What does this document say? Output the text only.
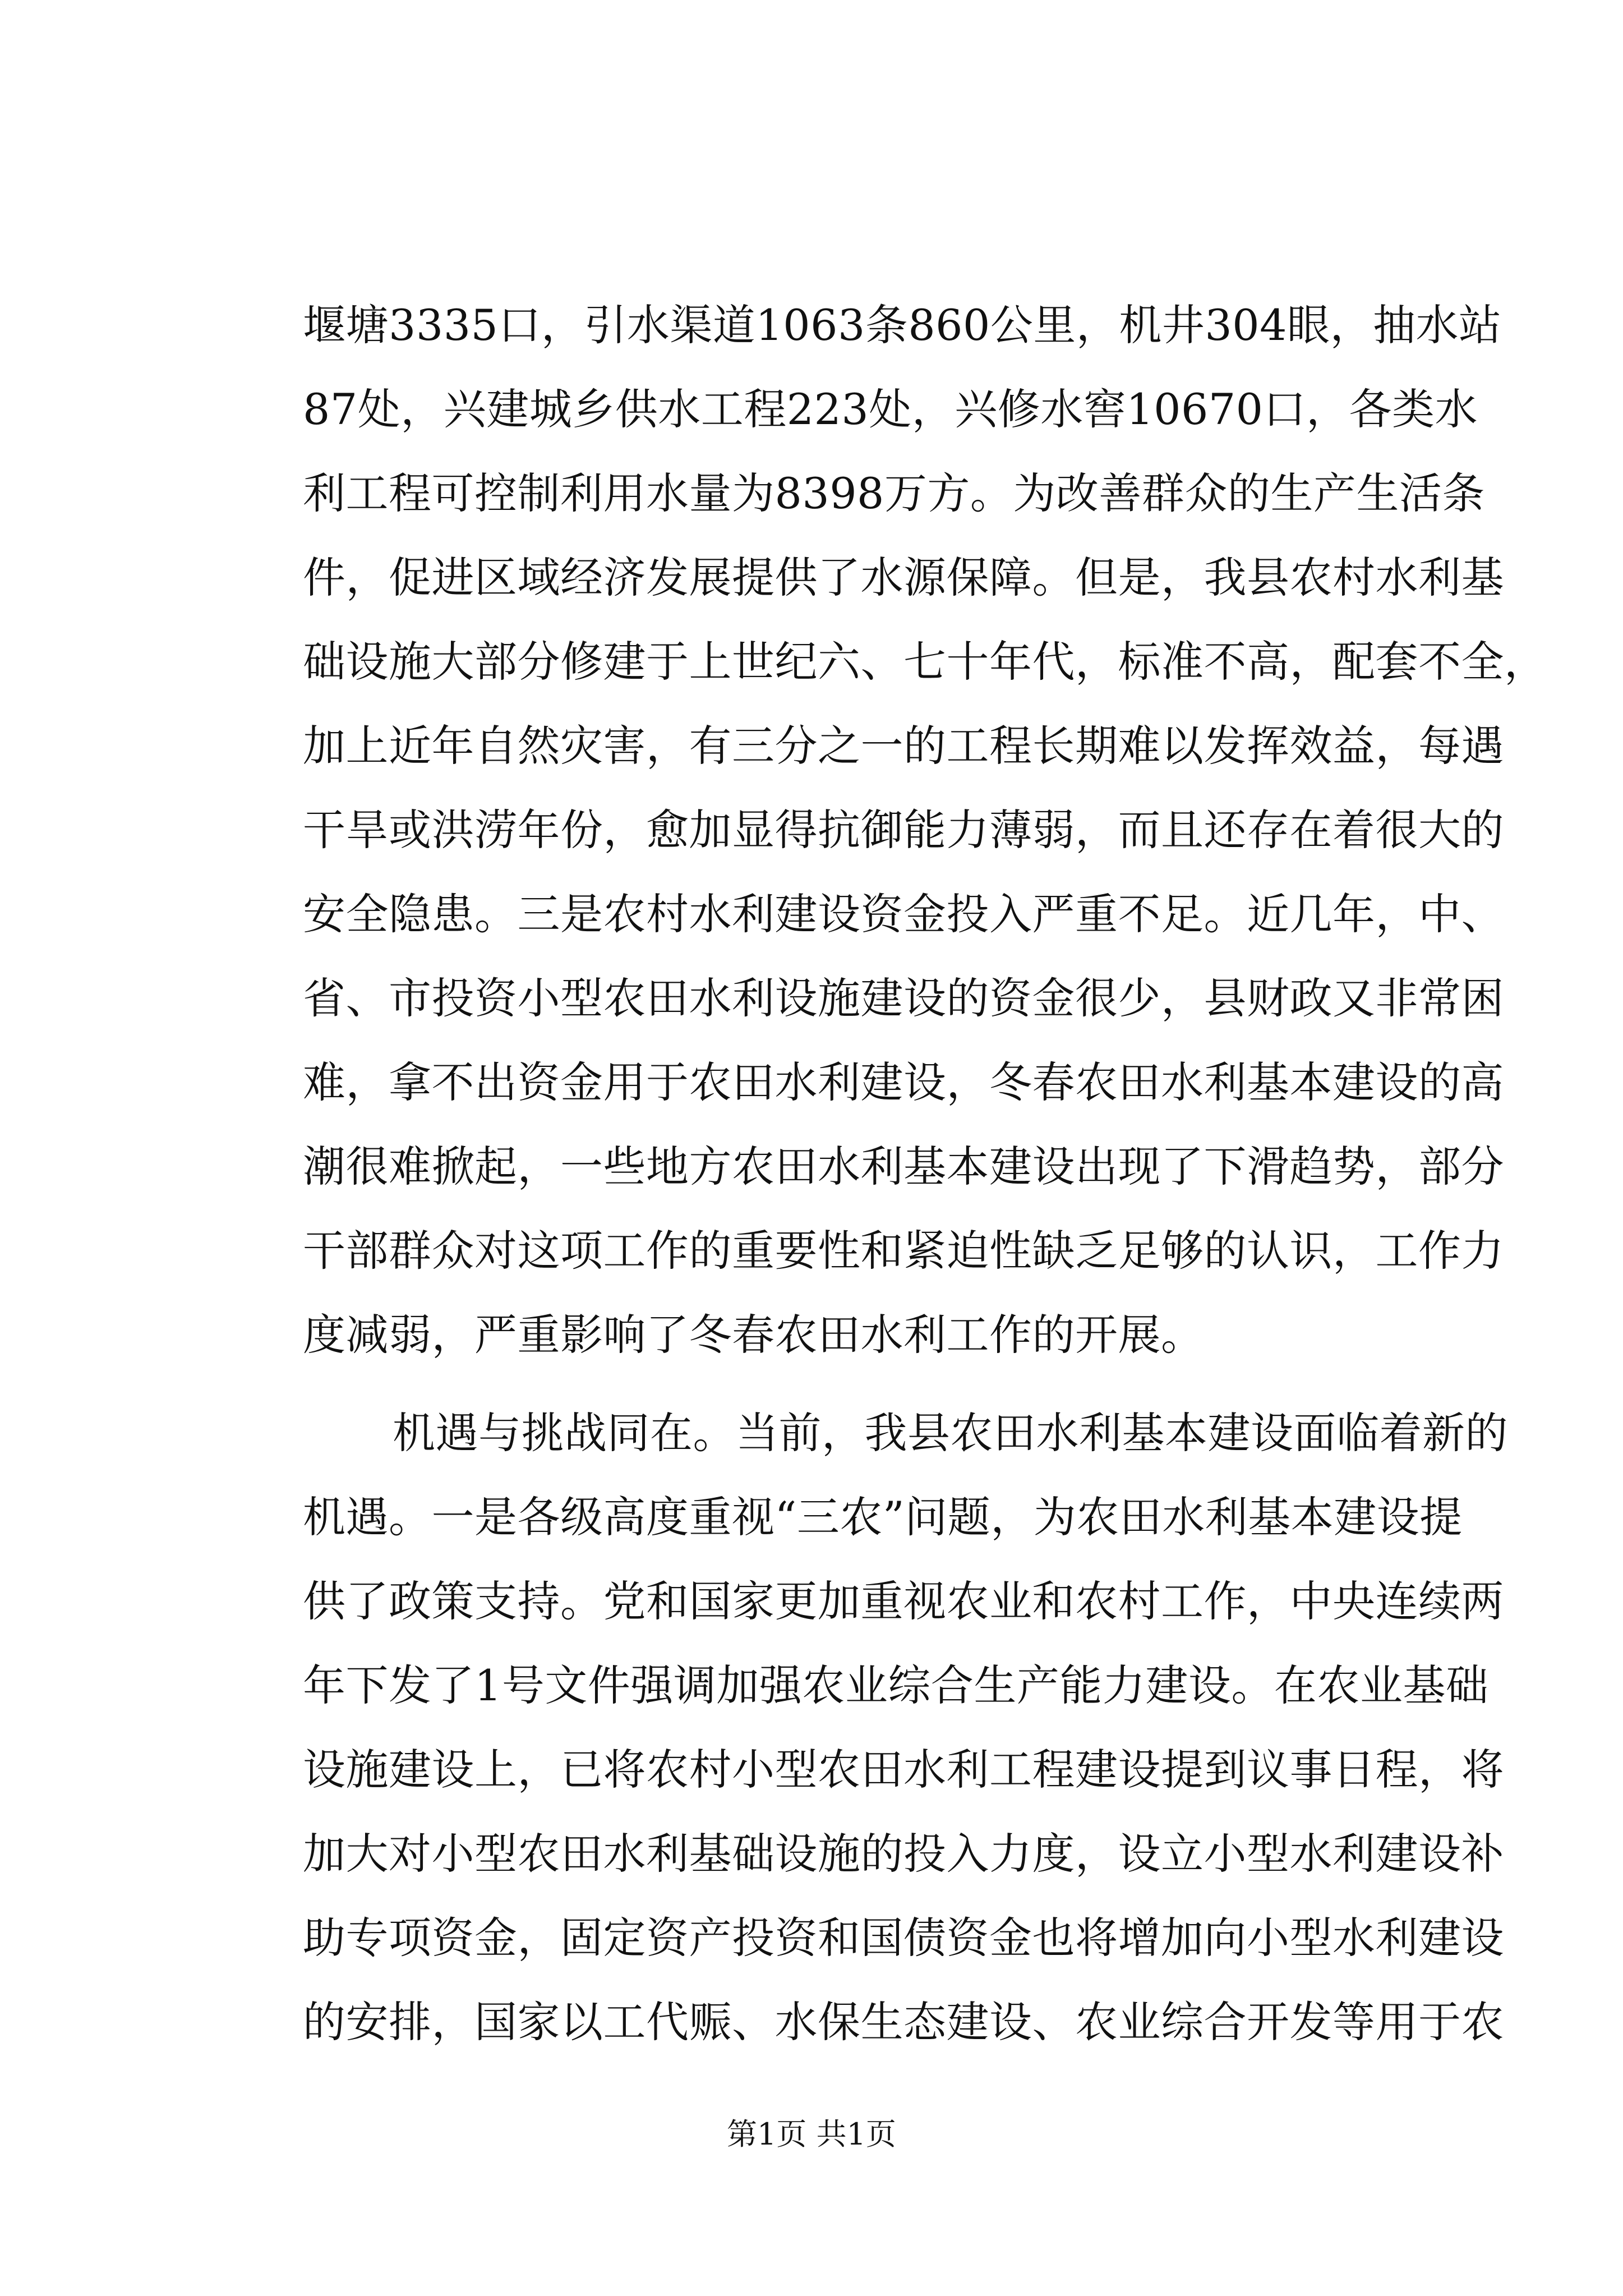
堰塘3335口，引水渠道1063条860公里，机井304眼，抽水站
87处，兴建城乡供水工程223处，兴修水窖10670口，各类水
利工程可控制利用水量为8398万方。为改善群众的生产生活条
件，促进区域经济发展提供了水源保障。但是，我县农村水利基
础设施大部分修建于上世纪六、七十年代，标准不高，配套不全，
加上近年自然灾害，有三分之一的工程长期难以发挥效益，每遇
干旱或洪涝年份，愈加显得抗御能力薄弱，而且还存在着很大的
安全隐患。三是农村水利建设资金投入严重不足。近几年，中、
省、市投资小型农田水利设施建设的资金很少，县财政又非常困
难，拿不出资金用于农田水利建设，冬春农田水利基本建设的高
潮很难掀起，一些地方农田水利基本建设出现了下滑趋势，部分
干部群众对这项工作的重要性和紧迫性缺乏足够的认识，工作力
度减弱，严重影响了冬春农田水利工作的开展。
机遇与挑战同在。当前，我县农田水利基本建设面临着新的
机遇。一是各级高度重视“三农”问题，为农田水利基本建设提
供了政策支持。党和国家更加重视农业和农村工作，中央连续两
年下发了1号文件强调加强农业综合生产能力建设。在农业基础
设施建设上，已将农村小型农田水利工程建设提到议事日程，将
加大对小型农田水利基础设施的投入力度，设立小型水利建设补
助专项资金，固定资产投资和国债资金也将增加向小型水利建设
的安排，国家以工代赈、水保生态建设、农业综合开发等用于农
第1页 共1页
